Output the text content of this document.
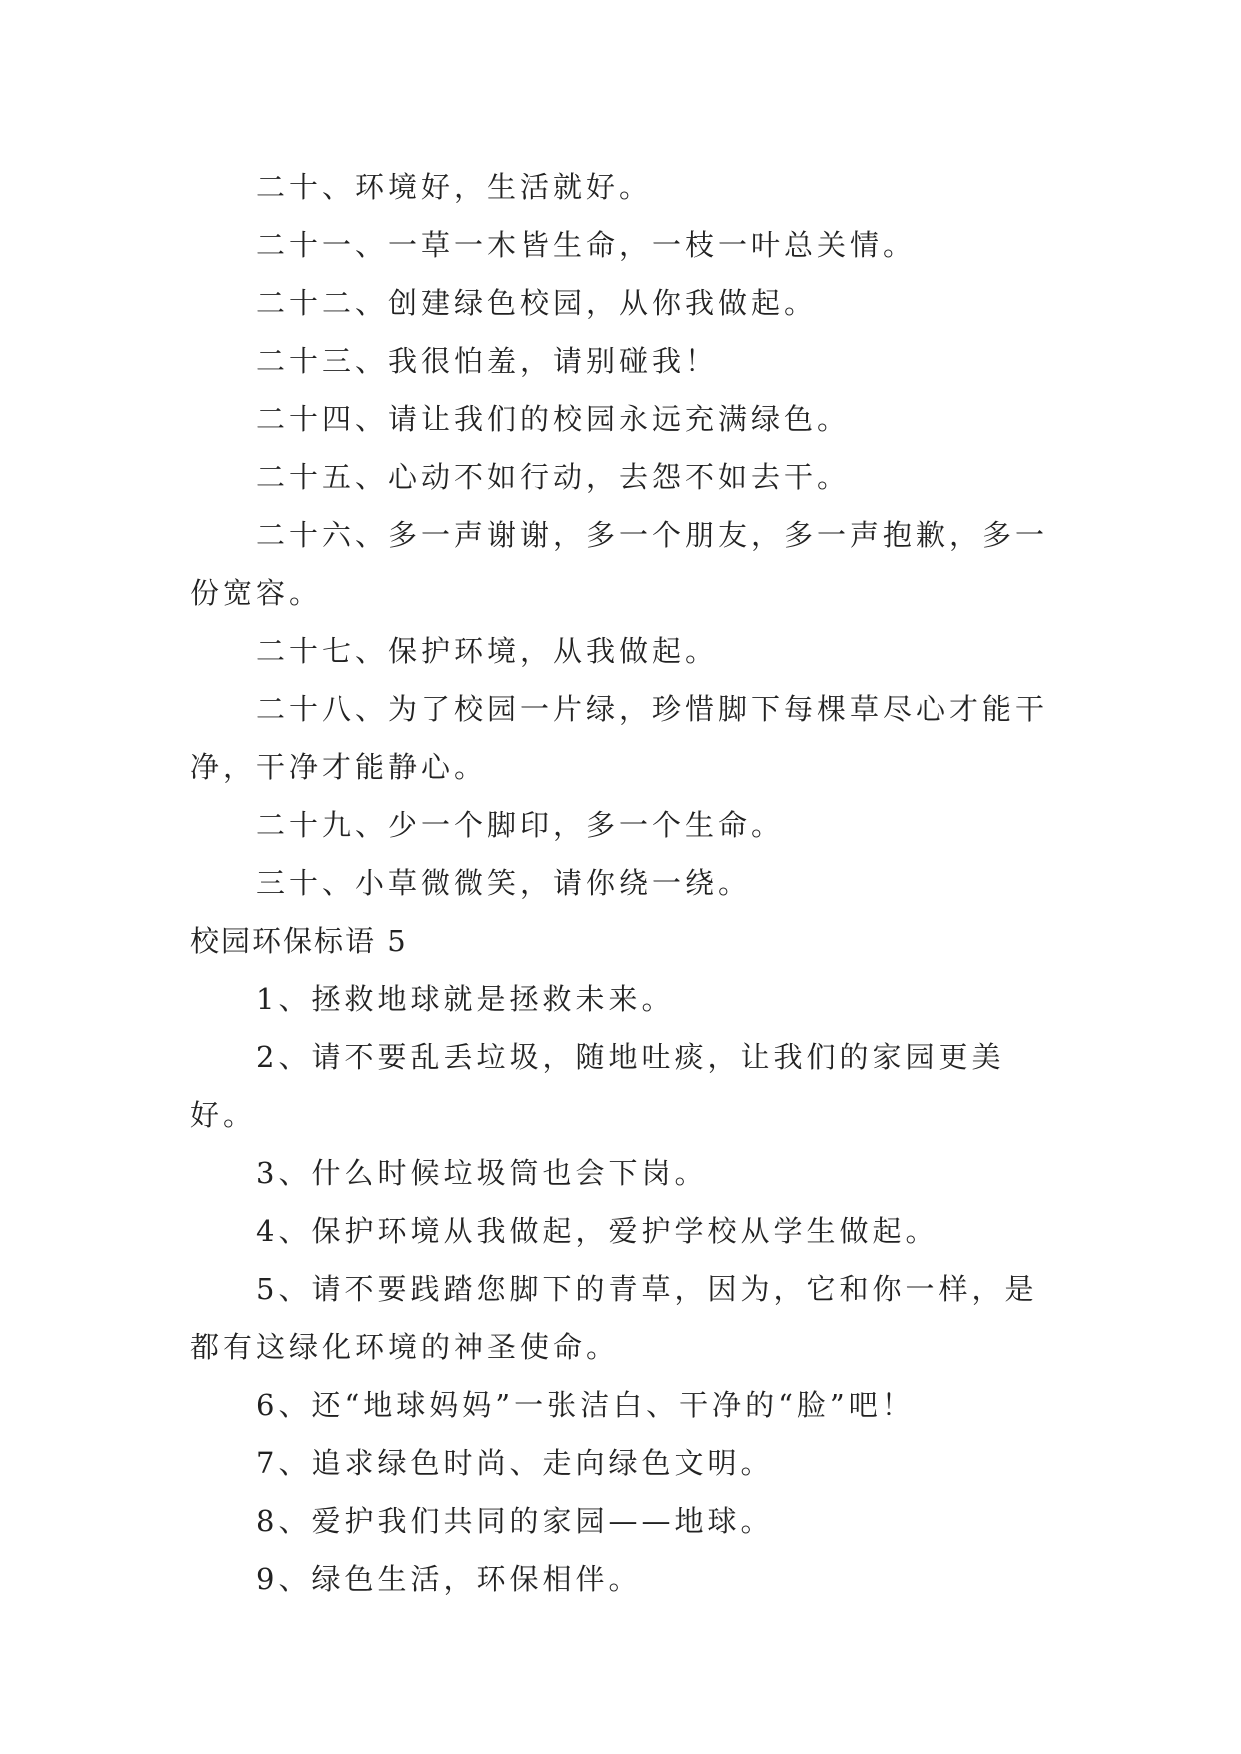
二十、环境好，生活就好。

二十一、一草一木皆生命，一枝一叶总关情。

二十二、创建绿色校园，从你我做起。

二十三、我很怕羞，请别碰我！

二十四、请让我们的校园永远充满绿色。

二十五、心动不如行动，去怨不如去干。

二十六、多一声谢谢，多一个朋友，多一声抱歉，多一份宽容。

二十七、保护环境，从我做起。

二十八、为了校园一片绿，珍惜脚下每棵草尽心才能干净，干净才能静心。

二十九、少一个脚印，多一个生命。

三十、小草微微笑，请你绕一绕。

校园环保标语 5

1、拯救地球就是拯救未来。

2、请不要乱丢垃圾，随地吐痰，让我们的家园更美好。

3、什么时候垃圾筒也会下岗。

4、保护环境从我做起，爱护学校从学生做起。

5、请不要践踏您脚下的青草，因为，它和你一样，是都有这绿化环境的神圣使命。

6、还“地球妈妈”一张洁白、干净的“脸”吧！

7、追求绿色时尚、走向绿色文明。

8、爱护我们共同的家园——地球。

9、绿色生活，环保相伴。
